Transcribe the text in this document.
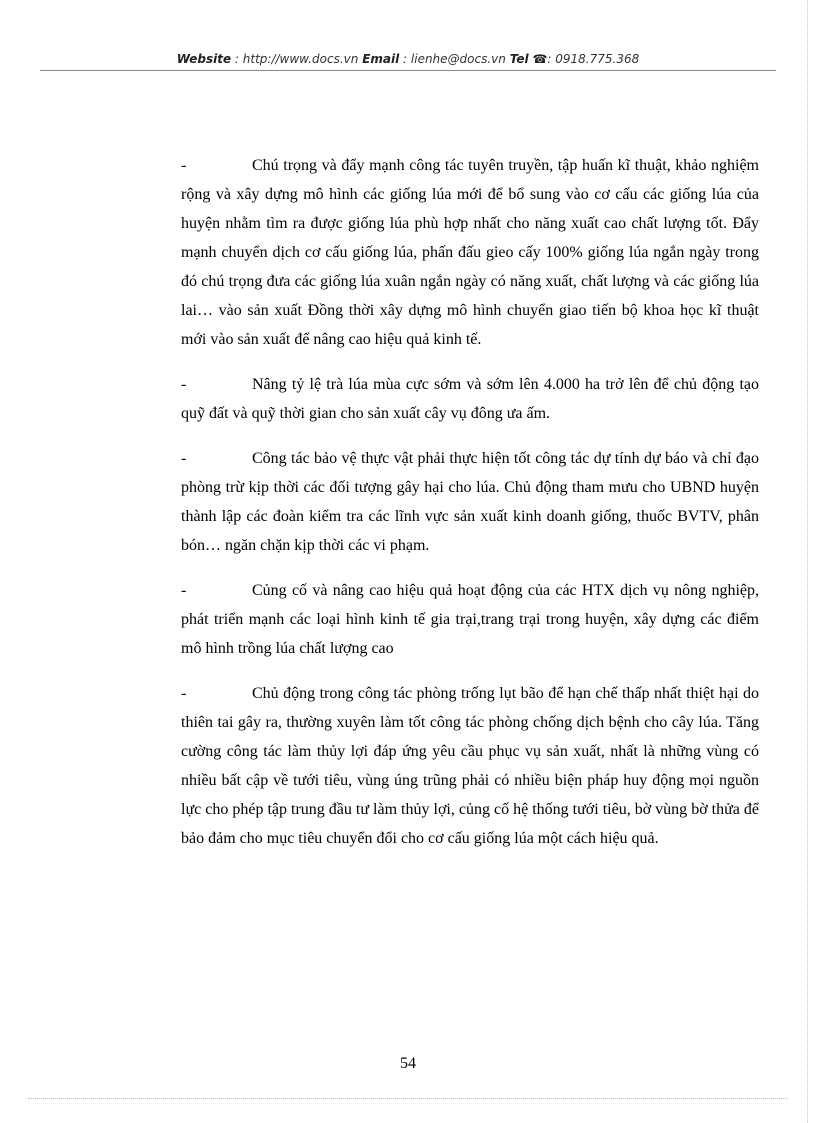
Website : http://www.docs.vn Email : lienhe@docs.vn Tel ☎: 0918.775.368

-	Chú trọng và đẩy mạnh công tác tuyên truyền, tập huấn kĩ thuật, khảo nghiệm rộng và xây dựng mô hình các giống lúa mới để bổ sung vào cơ cấu các giống lúa của huyện nhằm tìm ra được giống lúa phù hợp nhất cho năng xuất cao chất lượng tốt. Đẩy mạnh chuyển dịch cơ cấu giống lúa, phấn đấu gieo cấy 100% giống lúa ngắn ngày trong đó chú trọng đưa các giống lúa xuân ngắn ngày có năng xuất, chất lượng và các giống lúa lai… vào sản xuất Đồng thời xây dựng mô hình chuyển giao tiến bộ khoa học kĩ thuật mới vào sản xuất để nâng cao hiệu quả kinh tế.

-	Nâng tỷ lệ trà lúa mùa cực sớm và sớm lên 4.000 ha trở lên để chủ động tạo quỹ đất và quỹ thời gian cho sản xuất cây vụ đông ưa ấm.

-	Công tác bảo vệ thực vật phải thực hiện tốt công tác dự tính dự báo và chỉ đạo phòng trừ kịp thời các đối tượng gây hại cho lúa. Chủ động tham mưu cho UBND huyện thành lập các đoàn kiểm tra các lĩnh vực sản xuất kinh doanh giống, thuốc BVTV, phân bón… ngăn chặn kịp thời các vi phạm.

-	Củng cố và nâng cao hiệu quả hoạt động của các HTX dịch vụ nông nghiệp, phát triển mạnh các loại hình kinh tế gia trại,trang trại trong huyện, xây dựng các điểm mô hình trồng lúa chất lượng cao

-	Chủ động trong công tác phòng trống lụt bão để hạn chế thấp nhất thiệt hại do thiên tai gây ra, thường xuyên làm tốt công tác phòng chống dịch bệnh cho cây lúa. Tăng cường công tác làm thủy lợi đáp ứng yêu cầu phục vụ sản xuất, nhất là những vùng có nhiều bất cập về tưới tiêu, vùng úng trũng phải có nhiều biện pháp huy động mọi nguồn lực cho phép tập trung đầu tư làm thủy lợi, củng cố hệ thống tưới tiêu, bờ vùng bờ thửa để bảo đảm cho mục tiêu chuyển đổi cho cơ cấu giống lúa một cách hiệu quả.

54
